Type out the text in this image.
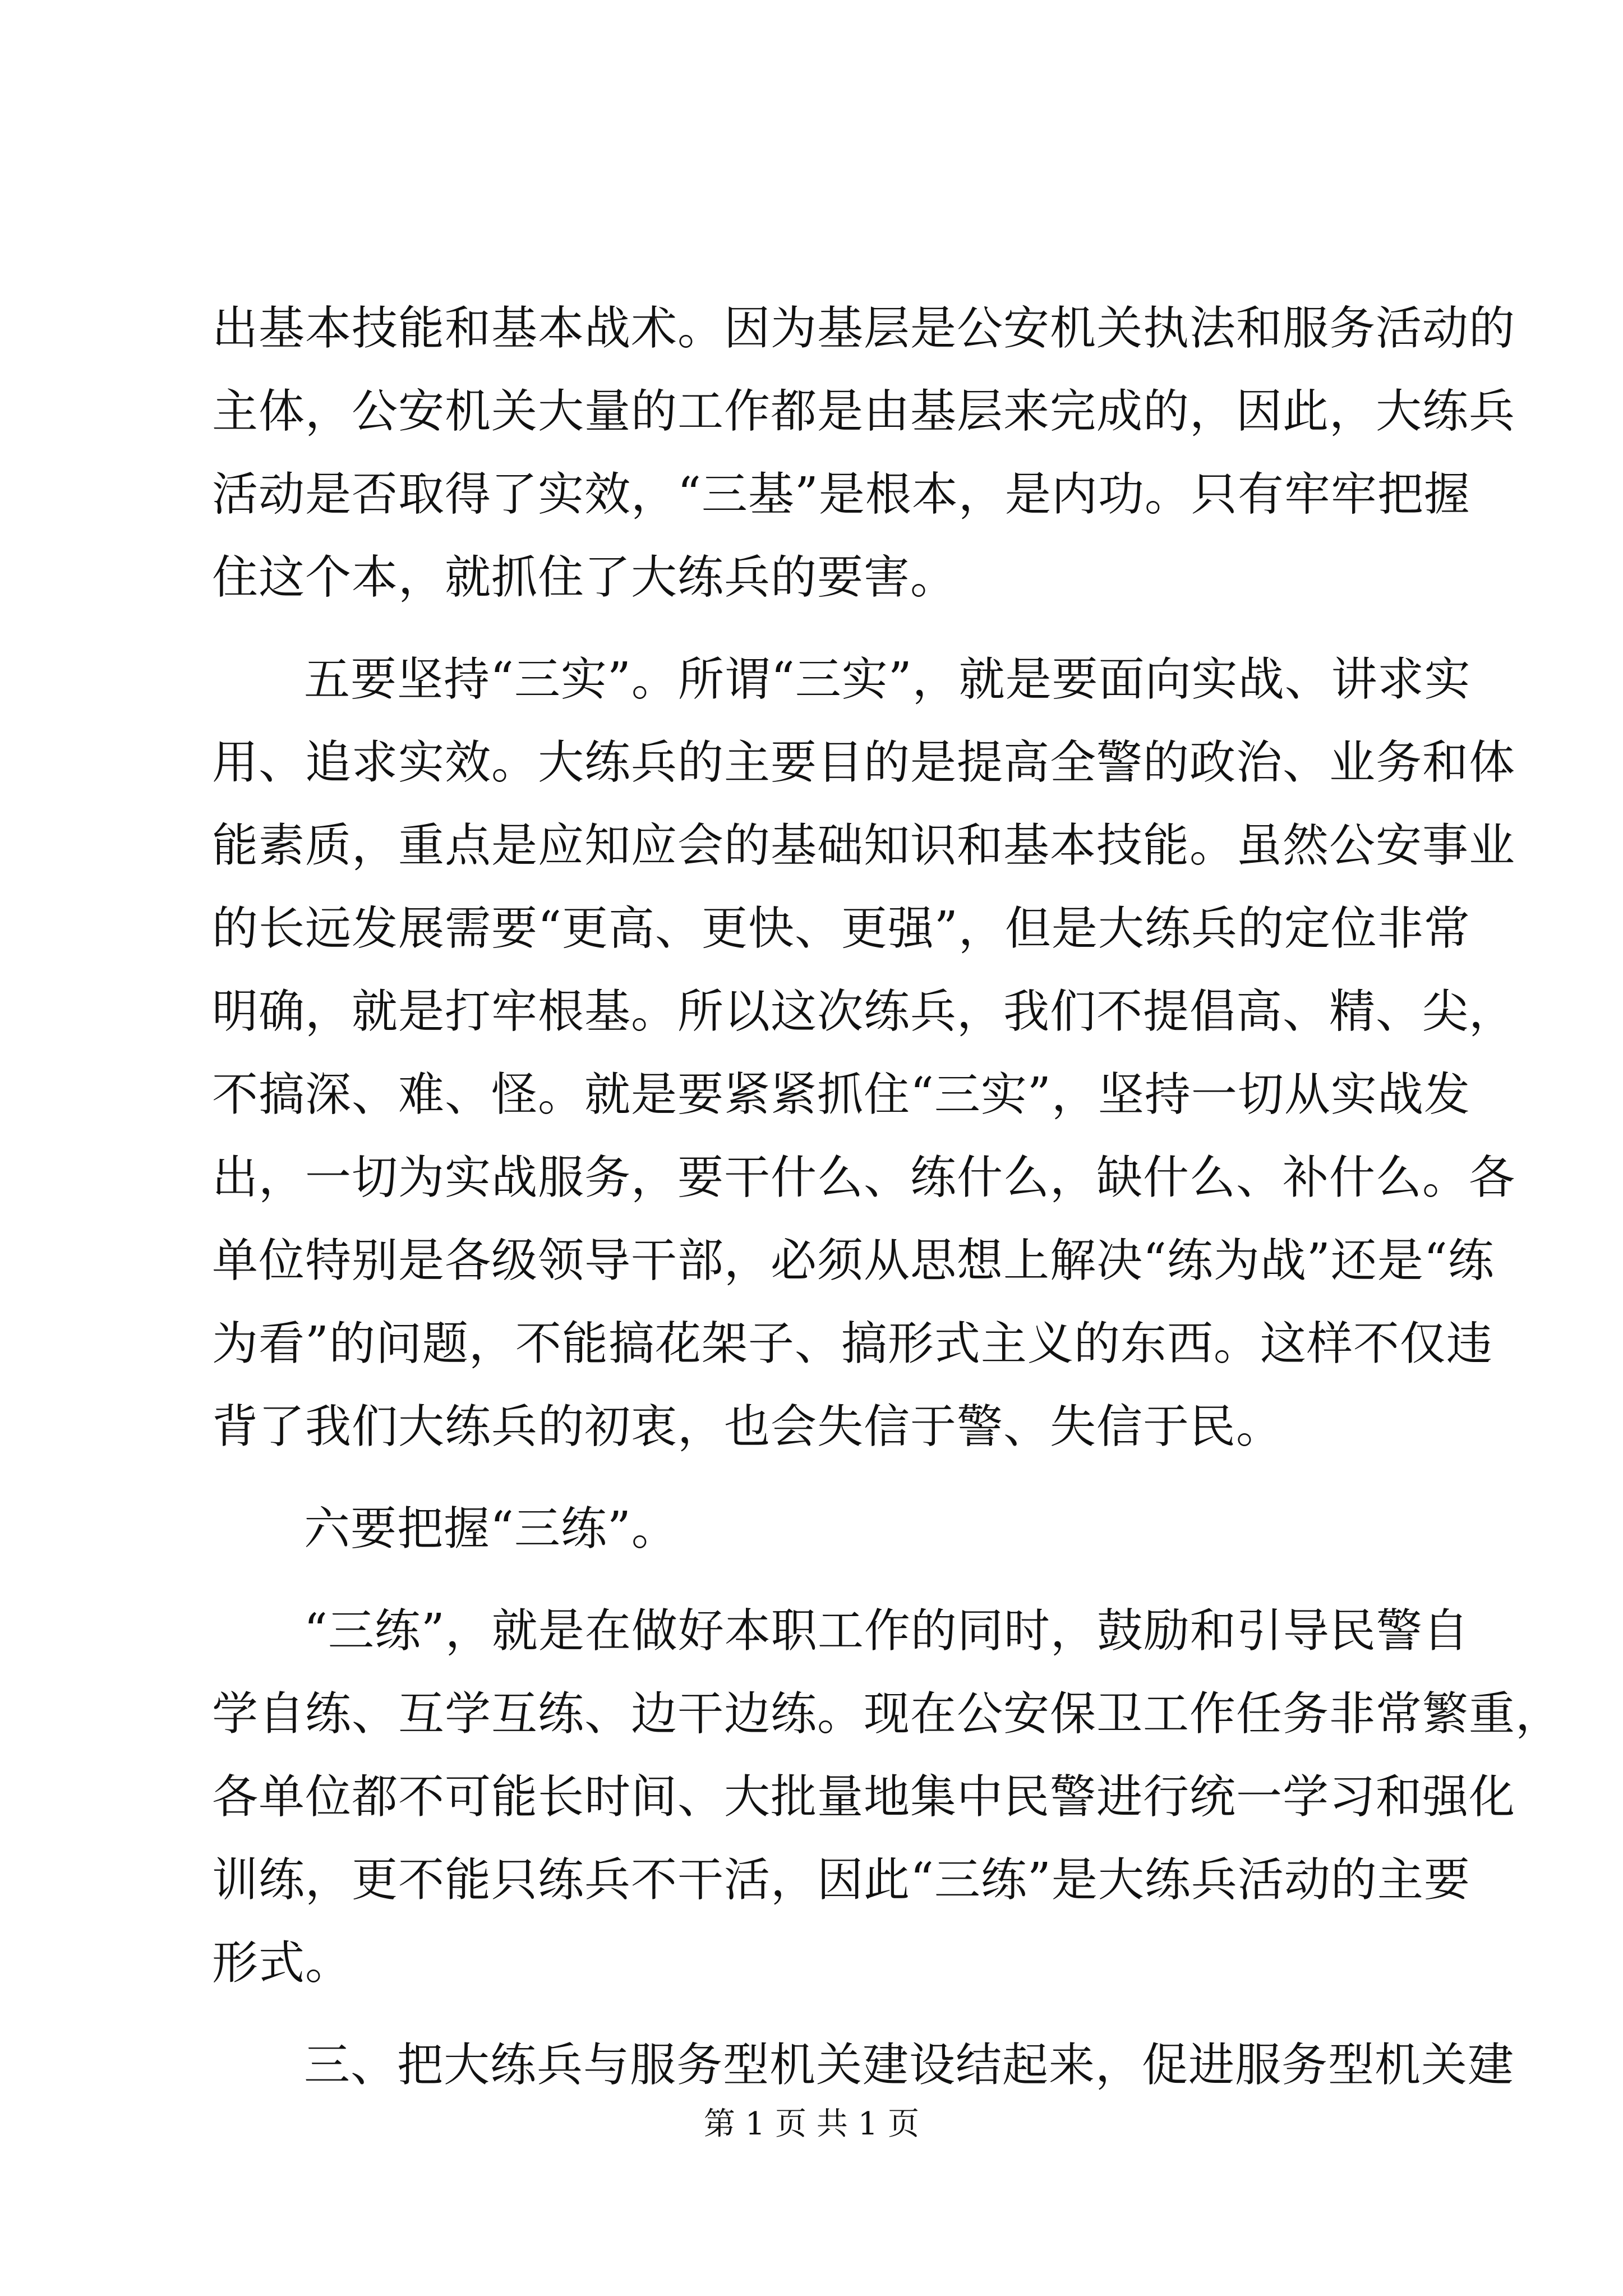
出基本技能和基本战术。因为基层是公安机关执法和服务活动的
主体，公安机关大量的工作都是由基层来完成的，因此，大练兵
活动是否取得了实效，“三基”是根本，是内功。只有牢牢把握
住这个本，就抓住了大练兵的要害。
五要坚持“三实”。所谓“三实”，就是要面向实战、讲求实
用、追求实效。大练兵的主要目的是提高全警的政治、业务和体
能素质，重点是应知应会的基础知识和基本技能。虽然公安事业
的长远发展需要“更高、更快、更强”，但是大练兵的定位非常
明确，就是打牢根基。所以这次练兵，我们不提倡高、精、尖，
不搞深、难、怪。就是要紧紧抓住“三实”，坚持一切从实战发
出，一切为实战服务，要干什么、练什么，缺什么、补什么。各
单位特别是各级领导干部，必须从思想上解决“练为战”还是“练
为看”的问题，不能搞花架子、搞形式主义的东西。这样不仅违
背了我们大练兵的初衷，也会失信于警、失信于民。
六要把握“三练”。
“三练”，就是在做好本职工作的同时，鼓励和引导民警自
学自练、互学互练、边干边练。现在公安保卫工作任务非常繁重，
各单位都不可能长时间、大批量地集中民警进行统一学习和强化
训练，更不能只练兵不干活，因此“三练”是大练兵活动的主要
形式。
三、把大练兵与服务型机关建设结起来，促进服务型机关建
第 1 页 共 1 页
